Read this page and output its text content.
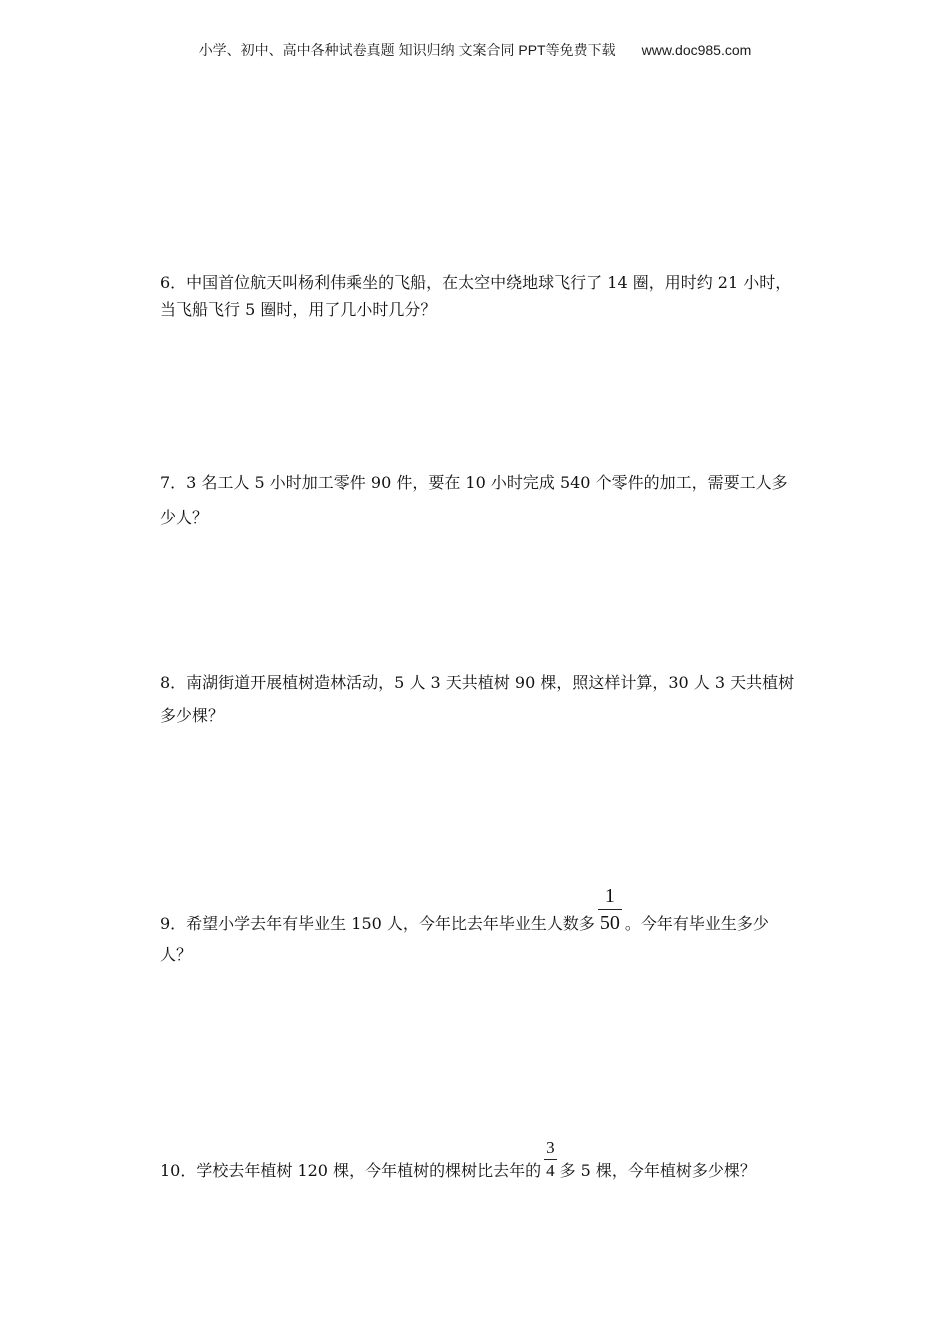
小学、初中、高中各种试卷真题 知识归纳 文案合同 PPT等免费下载 www.doc985.com
6．中国首位航天叫杨利伟乘坐的飞船，在太空中绕地球飞行了 14 圈，用时约 21 小时，
当飞船飞行 5 圈时，用了几小时几分？
7．3 名工人 5 小时加工零件 90 件，要在 10 小时完成 540 个零件的加工，需要工人多
少人？
8．南湖街道开展植树造林活动，5 人 3 天共植树 90 棵，照这样计算，30 人 3 天共植树
多少棵？
9．希望小学去年有毕业生 150 人，今年比去年毕业生人数多 $\frac{1}{50}$ 。今年有毕业生多少
人？
10．学校去年植树 120 棵，今年植树的棵树比去年的 $\frac{3}{4}$ 多 5 棵，今年植树多少棵？
